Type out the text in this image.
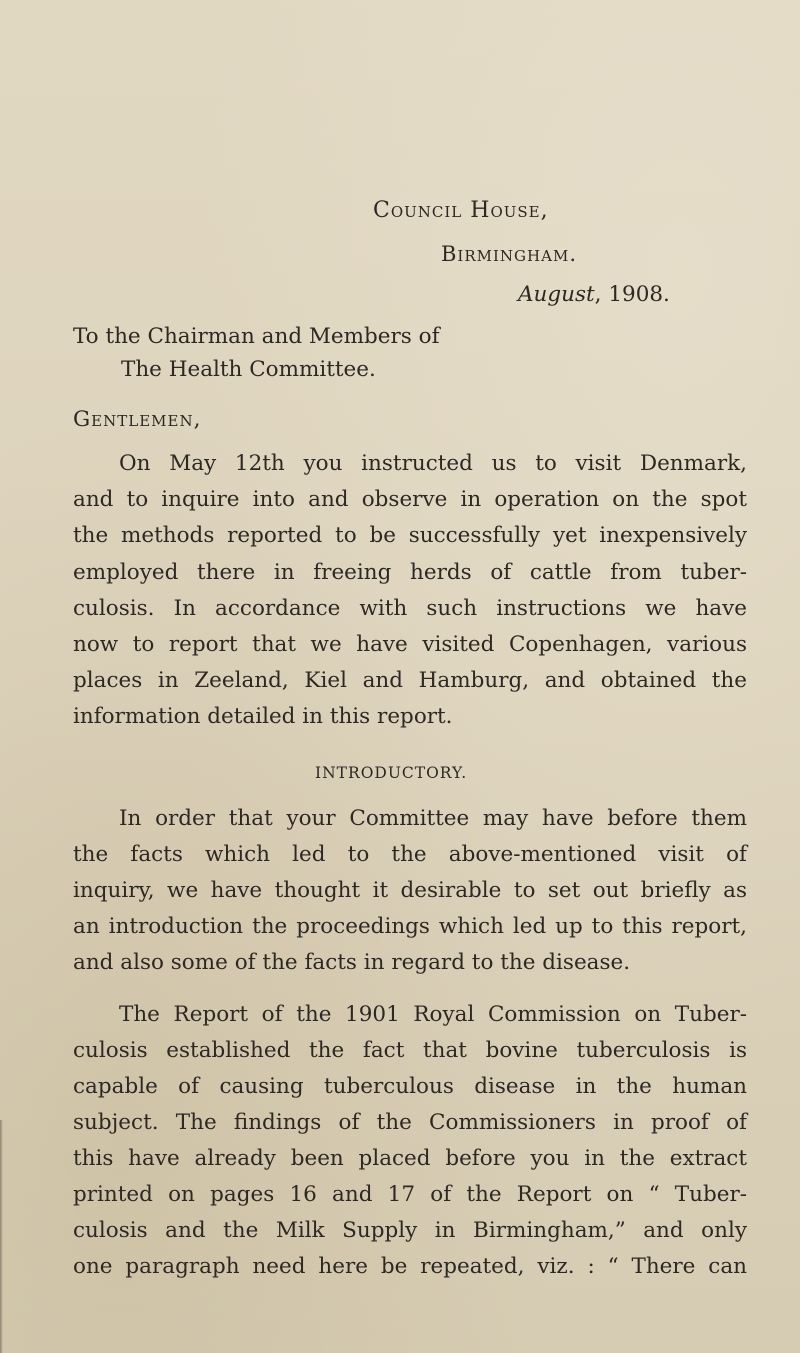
Council House,
Birmingham.
August, 1908.
To the Chairman and Members of
The Health Committee.
Gentlemen,
On May 12th you instructed us to visit Denmark,
and to inquire into and observe in operation on the spot
the methods reported to be successfully yet inexpensively
employed there in freeing herds of cattle from tuber-
culosis. In accordance with such instructions we have
now to report that we have visited Copenhagen, various
places in Zeeland, Kiel and Hamburg, and obtained the
information detailed in this report.
INTRODUCTORY.
In order that your Committee may have before them
the facts which led to the above-mentioned visit of
inquiry, we have thought it desirable to set out briefly as
an introduction the proceedings which led up to this report,
and also some of the facts in regard to the disease.
The Report of the 1901 Royal Commission on Tuber-
culosis established the fact that bovine tuberculosis is
capable of causing tuberculous disease in the human
subject. The findings of the Commissioners in proof of
this have already been placed before you in the extract
printed on pages 16 and 17 of the Report on “ Tuber-
culosis and the Milk Supply in Birmingham,” and only
one paragraph need here be repeated, viz. : “ There can
